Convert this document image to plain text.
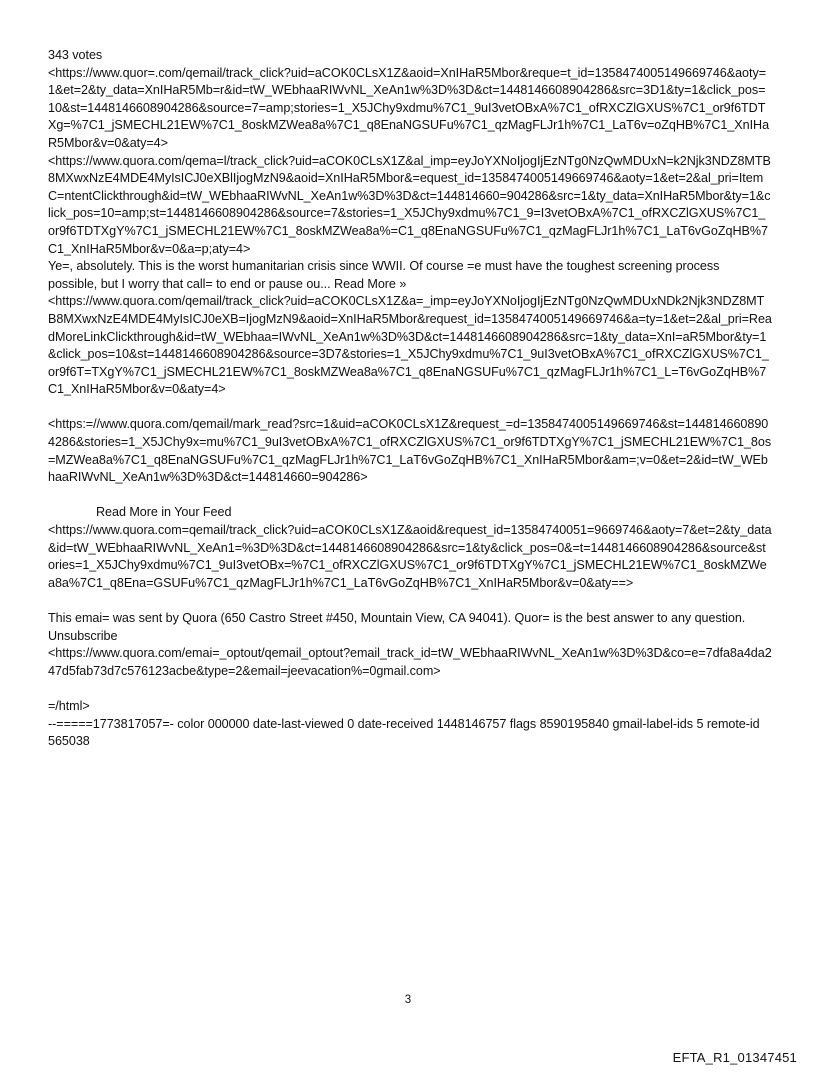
343 votes

<https://www.quor=.com/qemail/track_click?uid=aCOK0CLsX1Z&aoid=XnIHaR5Mbor&reque=t_id=1358474005149669746&aoty=1&et=2&ty_data=XnIHaR5Mb=r&id=tW_WEbhaaRIWvNL_XeAn1w%3D%3D&ct=1448146608904286&src=3D1&ty=1&click_pos=10&st=1448146608904286&source=7=amp;stories=1_X5JChy9xdmu%7C1_9uI3vetOBxA%7C1_ofRXCZlGXUS%7C1_or9f6TDTXg=%7C1_jSMECHL21EW%7C1_8oskMZWea8a%7C1_q8EnaNGSUFu%7C1_qzMagFLJr1h%7C1_LaT6v=oZqHB%7C1_XnIHaR5Mbor&v=0&aty=4>

<https://www.quora.com/qema=l/track_click?uid=aCOK0CLsX1Z&al_imp=eyJoYXNoIjogIjEzNTg0NzQwMDUxN=k2Njk3NDZ8MTB8MXwxNzE4MDE4MyIsICJ0eXBlIjogMzN9&aoid=XnIHaR5Mbor&=equest_id=1358474005149669746&aoty=1&et=2&al_pri=ItemC=ntentClickthrough&id=tW_WEbhaaRIWvNL_XeAn1w%3D%3D&ct=144814660=904286&src=1&ty_data=XnIHaR5Mbor&ty=1&click_pos=10=amp;st=1448146608904286&source=7&stories=1_X5JChy9xdmu%7C1_9=I3vetOBxA%7C1_ofRXCZlGXUS%7C1_or9f6TDTXgY%7C1_jSMECHL21EW%7C1_8oskMZWea8a%=C1_q8EnaNGSUFu%7C1_qzMagFLJr1h%7C1_LaT6vGoZqHB%7C1_XnIHaR5Mbor&v=0&a=p;aty=4>

Ye=, absolutely. This is the worst humanitarian crisis since WWII. Of course =e must have the toughest screening process possible, but I worry that call= to end or pause ou... Read More »

<https://www.quora.com/qemail/track_click?uid=aCOK0CLsX1Z&a=_imp=eyJoYXNoIjogIjEzNTg0NzQwMDUxNDk2Njk3NDZ8MTB8MXwxNzE4MDE4MyIsICJ0eXB=IjogMzN9&aoid=XnIHaR5Mbor&request_id=1358474005149669746&a=ty=1&et=2&al_pri=ReadMoreLinkClickthrough&id=tW_WEbhaa=IWvNL_XeAn1w%3D%3D&ct=1448146608904286&src=1&ty_data=XnI=aR5Mbor&ty=1&click_pos=10&st=1448146608904286&source=3D7&stories=1_X5JChy9xdmu%7C1_9uI3vetOBxA%7C1_ofRXCZlGXUS%7C1_or9f6T=TXgY%7C1_jSMECHL21EW%7C1_8oskMZWea8a%7C1_q8EnaNGSUFu%7C1_qzMagFLJr1h%7C1_L=T6vGoZqHB%7C1_XnIHaR5Mbor&v=0&aty=4>

<https:=//www.quora.com/qemail/mark_read?src=1&uid=aCOK0CLsX1Z&request_=d=1358474005149669746&st=1448146608904286&stories=1_X5JChy9x=mu%7C1_9uI3vetOBxA%7C1_ofRXCZlGXUS%7C1_or9f6TDTXgY%7C1_jSMECHL21EW%7C1_8os=MZWea8a%7C1_q8EnaNGSUFu%7C1_qzMagFLJr1h%7C1_LaT6vGoZqHB%7C1_XnIHaR5Mbor&am=;v=0&et=2&id=tW_WEbhaaRIWvNL_XeAn1w%3D%3D&ct=144814660=904286>

Read More in Your Feed

<https://www.quora.com=qemail/track_click?uid=aCOK0CLsX1Z&aoid&request_id=13584740051=9669746&aoty=7&et=2&ty_data&id=tW_WEbhaaRIWvNL_XeAn1=%3D%3D&ct=1448146608904286&src=1&ty&click_pos=0&=t=1448146608904286&source&stories=1_X5JChy9xdmu%7C1_9uI3vetOBx=%7C1_ofRXCZlGXUS%7C1_or9f6TDTXgY%7C1_jSMECHL21EW%7C1_8oskMZWea8a%7C1_q8Ena=GSUFu%7C1_qzMagFLJr1h%7C1_LaT6vGoZqHB%7C1_XnIHaR5Mbor&v=0&aty==>

This emai= was sent by Quora (650 Castro Street #450, Mountain View, CA 94041). Quor= is the best answer to any question. Unsubscribe

<https://www.quora.com/emai=_optout/qemail_optout?email_track_id=tW_WEbhaaRIWvNL_XeAn1w%3D%3D&co=e=7dfa8a4da247d5fab73d7c576123acbe&type=2&email=jeevacation%=0gmail.com>

=/html>

--=====1773817057=- color 000000 date-last-viewed 0 date-received 1448146757 flags 8590195840 gmail-label-ids 5 remote-id 565038

3
EFTA_R1_01347451
